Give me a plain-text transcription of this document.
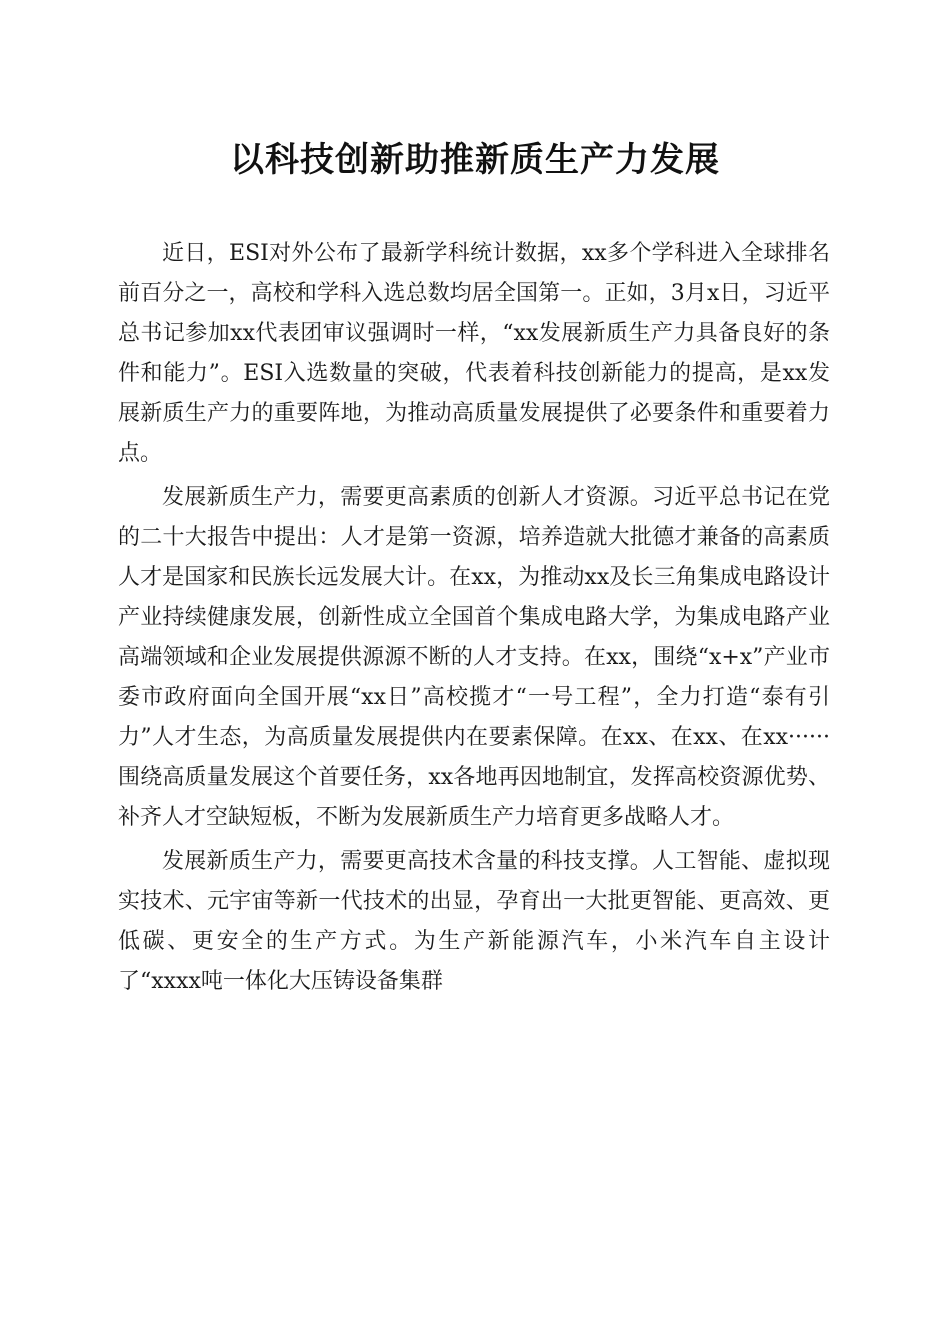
以科技创新助推新质生产力发展

近日，ESI对外公布了最新学科统计数据，xx多个学科进入全球排名前百分之一，高校和学科入选总数均居全国第一。正如，3月x日，习近平总书记参加xx代表团审议强调时一样，“xx发展新质生产力具备良好的条件和能力”。ESI入选数量的突破，代表着科技创新能力的提高，是xx发展新质生产力的重要阵地，为推动高质量发展提供了必要条件和重要着力点。

发展新质生产力，需要更高素质的创新人才资源。习近平总书记在党的二十大报告中提出：人才是第一资源，培养造就大批德才兼备的高素质人才是国家和民族长远发展大计。在xx，为推动xx及长三角集成电路设计产业持续健康发展，创新性成立全国首个集成电路大学，为集成电路产业高端领域和企业发展提供源源不断的人才支持。在xx，围绕“x+x”产业市委市政府面向全国开展“xx日”高校揽才“一号工程”，全力打造“泰有引力”人才生态，为高质量发展提供内在要素保障。在xx、在xx、在xx······围绕高质量发展这个首要任务，xx各地再因地制宜，发挥高校资源优势、补齐人才空缺短板，不断为发展新质生产力培育更多战略人才。

发展新质生产力，需要更高技术含量的科技支撑。人工智能、虚拟现实技术、元宇宙等新一代技术的出显，孕育出一大批更智能、更高效、更低碳、更安全的生产方式。为生产新能源汽车，小米汽车自主设计了“xxxx吨一体化大压铸设备集群
